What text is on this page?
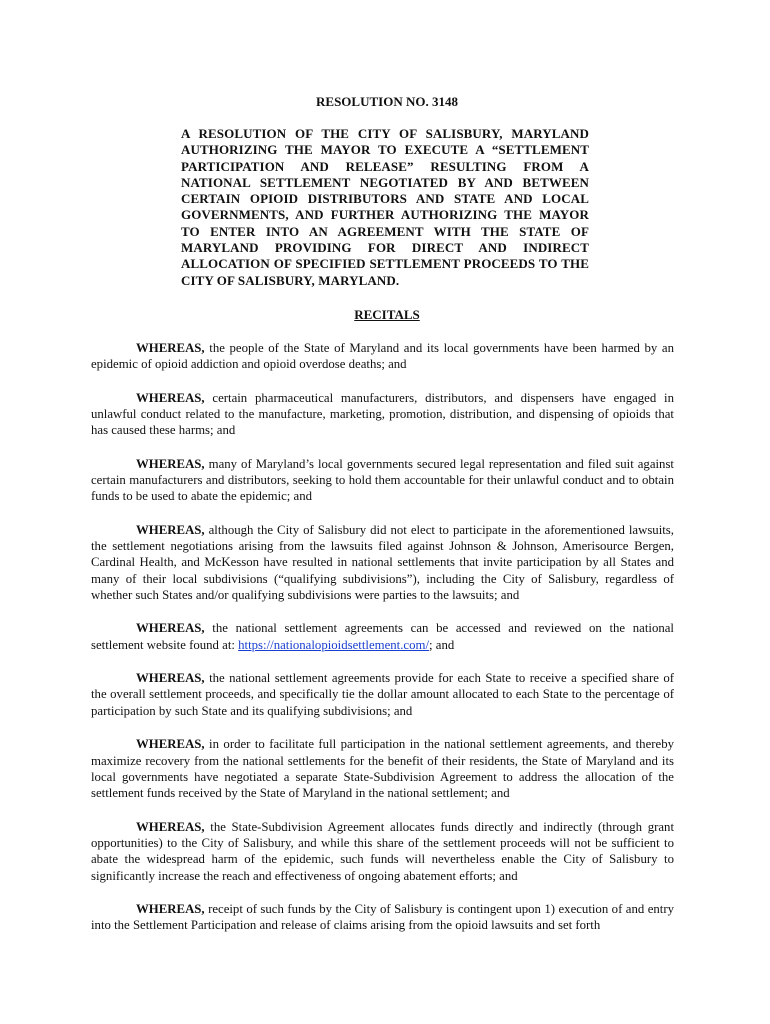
RESOLUTION NO. 3148
A RESOLUTION OF THE CITY OF SALISBURY, MARYLAND AUTHORIZING THE MAYOR TO EXECUTE A “SETTLEMENT PARTICIPATION AND RELEASE” RESULTING FROM A NATIONAL SETTLEMENT NEGOTIATED BY AND BETWEEN CERTAIN OPIOID DISTRIBUTORS AND STATE AND LOCAL GOVERNMENTS, AND FURTHER AUTHORIZING THE MAYOR TO ENTER INTO AN AGREEMENT WITH THE STATE OF MARYLAND PROVIDING FOR DIRECT AND INDIRECT ALLOCATION OF SPECIFIED SETTLEMENT PROCEEDS TO THE CITY OF SALISBURY, MARYLAND.
RECITALS

WHEREAS, the people of the State of Maryland and its local governments have been harmed by an epidemic of opioid addiction and opioid overdose deaths; and

WHEREAS, certain pharmaceutical manufacturers, distributors, and dispensers have engaged in unlawful conduct related to the manufacture, marketing, promotion, distribution, and dispensing of opioids that has caused these harms; and

WHEREAS, many of Maryland’s local governments secured legal representation and filed suit against certain manufacturers and distributors, seeking to hold them accountable for their unlawful conduct and to obtain funds to be used to abate the epidemic; and

WHEREAS, although the City of Salisbury did not elect to participate in the aforementioned lawsuits, the settlement negotiations arising from the lawsuits filed against Johnson & Johnson, Amerisource Bergen, Cardinal Health, and McKesson have resulted in national settlements that invite participation by all States and many of their local subdivisions (“qualifying subdivisions”), including the City of Salisbury, regardless of whether such States and/or qualifying subdivisions were parties to the lawsuits; and

WHEREAS, the national settlement agreements can be accessed and reviewed on the national settlement website found at: https://nationalopioidsettlement.com/; and

WHEREAS, the national settlement agreements provide for each State to receive a specified share of the overall settlement proceeds, and specifically tie the dollar amount allocated to each State to the percentage of participation by such State and its qualifying subdivisions; and

WHEREAS, in order to facilitate full participation in the national settlement agreements, and thereby maximize recovery from the national settlements for the benefit of their residents, the State of Maryland and its local governments have negotiated a separate State-Subdivision Agreement to address the allocation of the settlement funds received by the State of Maryland in the national settlement; and

WHEREAS, the State-Subdivision Agreement allocates funds directly and indirectly (through grant opportunities) to the City of Salisbury, and while this share of the settlement proceeds will not be sufficient to abate the widespread harm of the epidemic, such funds will nevertheless enable the City of Salisbury to significantly increase the reach and effectiveness of ongoing abatement efforts; and

WHEREAS, receipt of such funds by the City of Salisbury is contingent upon 1) execution of and entry into the Settlement Participation and release of claims arising from the opioid lawsuits and set forth
